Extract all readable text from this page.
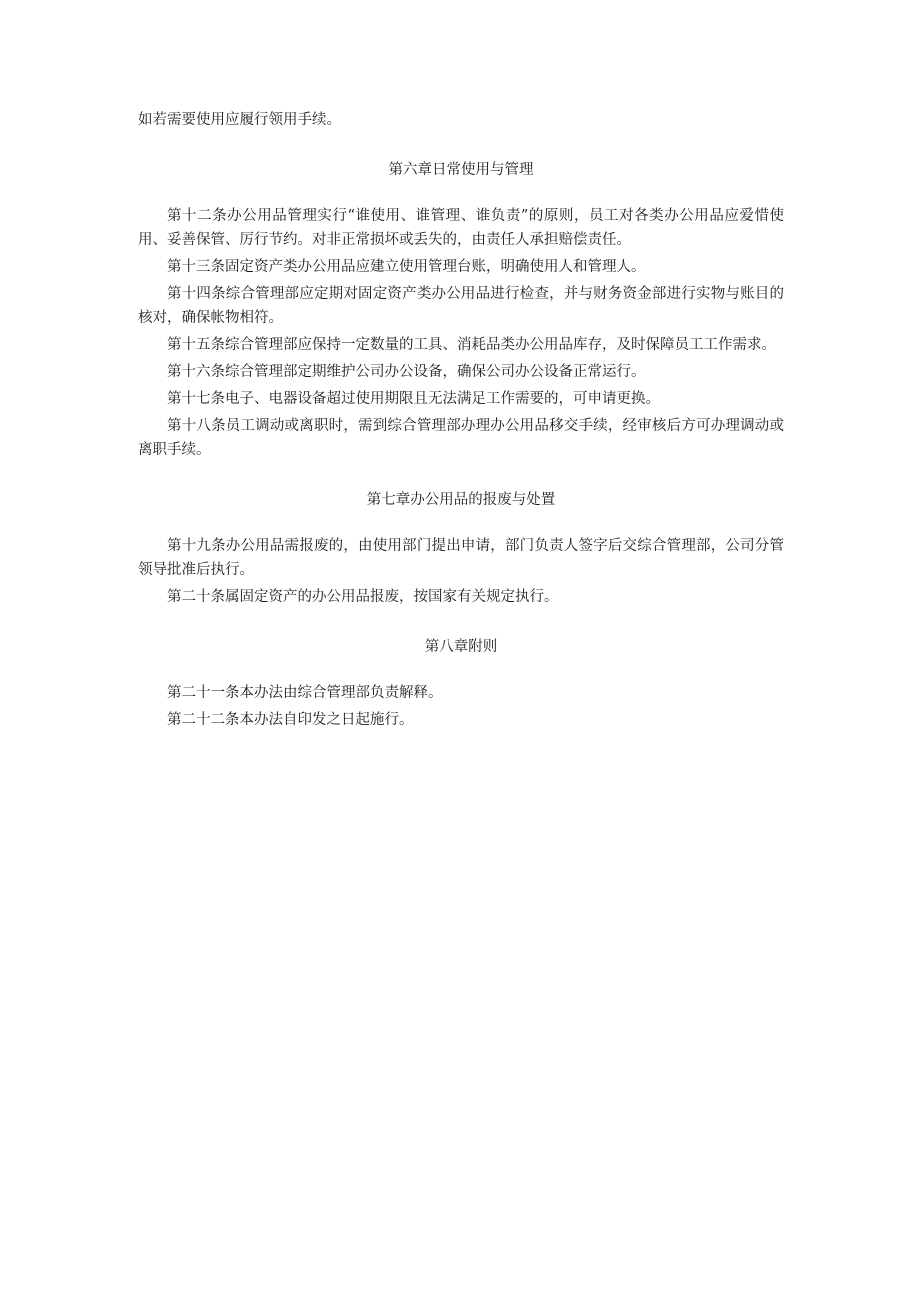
如若需要使用应履行领用手续。

第六章日常使用与管理

第十二条办公用品管理实行“谁使用、谁管理、谁负责”的原则，员工对各类办公用品应爱惜使用、妥善保管、厉行节约。对非正常损坏或丢失的，由责任人承担赔偿责任。

第十三条固定资产类办公用品应建立使用管理台账，明确使用人和管理人。

第十四条综合管理部应定期对固定资产类办公用品进行检查，并与财务资金部进行实物与账目的核对，确保帐物相符。

第十五条综合管理部应保持一定数量的工具、消耗品类办公用品库存，及时保障员工工作需求。

第十六条综合管理部定期维护公司办公设备，确保公司办公设备正常运行。

第十七条电子、电器设备超过使用期限且无法满足工作需要的，可申请更换。

第十八条员工调动或离职时，需到综合管理部办理办公用品移交手续，经审核后方可办理调动或离职手续。

第七章办公用品的报废与处置

第十九条办公用品需报废的，由使用部门提出申请，部门负责人签字后交综合管理部，公司分管领导批准后执行。

第二十条属固定资产的办公用品报废，按国家有关规定执行。

第八章附则

第二十一条本办法由综合管理部负责解释。

第二十二条本办法自印发之日起施行。
